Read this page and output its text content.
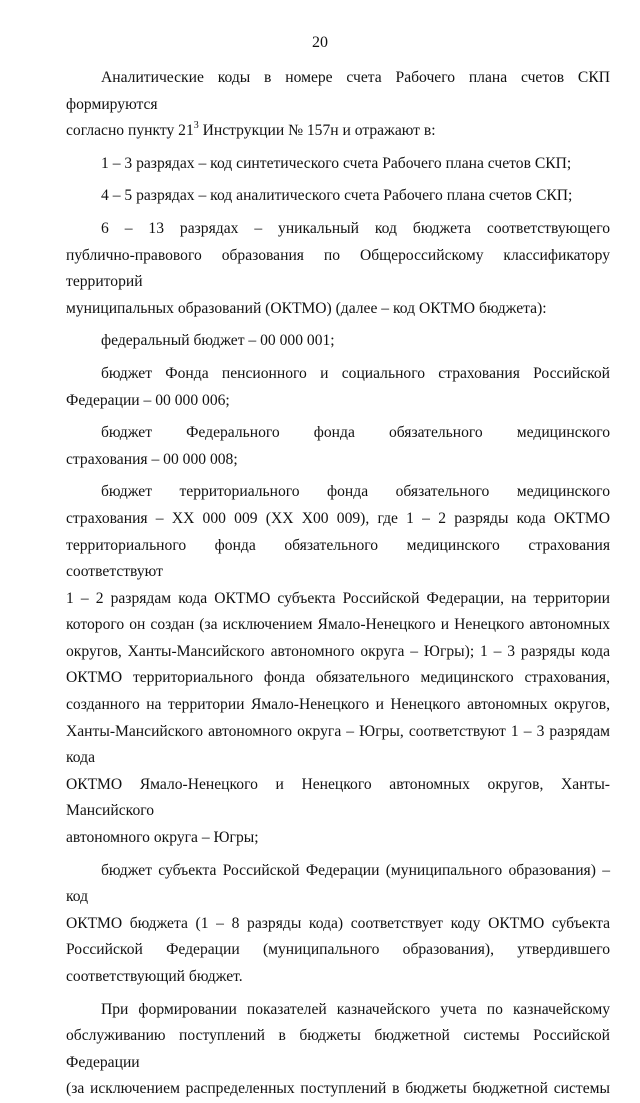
20

Аналитические коды в номере счета Рабочего плана счетов СКП формируются
согласно пункту $21^3$ Инструкции № 157н и отражают в:

1 – 3 разрядах – код синтетического счета Рабочего плана счетов СКП;

4 – 5 разрядах – код аналитического счета Рабочего плана счетов СКП;

6 – 13 разрядах – уникальный код бюджета соответствующего
публично-правового образования по Общероссийскому классификатору территорий
муниципальных образований (ОКТМО) (далее – код ОКТМО бюджета):

федеральный бюджет – 00 000 001;

бюджет Фонда пенсионного и социального страхования Российской
Федерации – 00 000 006;

бюджет Федерального фонда обязательного медицинского
страхования – 00 000 008;

бюджет территориального фонда обязательного медицинского
страхования – XX 000 009 (XX X00 009), где 1 – 2 разряды кода ОКТМО
территориального фонда обязательного медицинского страхования соответствуют
1 – 2 разрядам кода ОКТМО субъекта Российской Федерации, на территории
которого он создан (за исключением Ямало-Ненецкого и Ненецкого автономных
округов, Ханты-Мансийского автономного округа – Югры); 1 – 3 разряды кода
ОКТМО территориального фонда обязательного медицинского страхования,
созданного на территории Ямало-Ненецкого и Ненецкого автономных округов,
Ханты-Мансийского автономного округа – Югры, соответствуют 1 – 3 разрядам кода
ОКТМО Ямало-Ненецкого и Ненецкого автономных округов, Ханты-Мансийского
автономного округа – Югры;

бюджет субъекта Российской Федерации (муниципального образования) – код
ОКТМО бюджета (1 – 8 разряды кода) соответствует коду ОКТМО субъекта
Российской Федерации (муниципального образования), утвердившего
соответствующий бюджет.

При формировании показателей казначейского учета по казначейскому
обслуживанию поступлений в бюджеты бюджетной системы Российской Федерации
(за исключением распределенных поступлений в бюджеты бюджетной системы
